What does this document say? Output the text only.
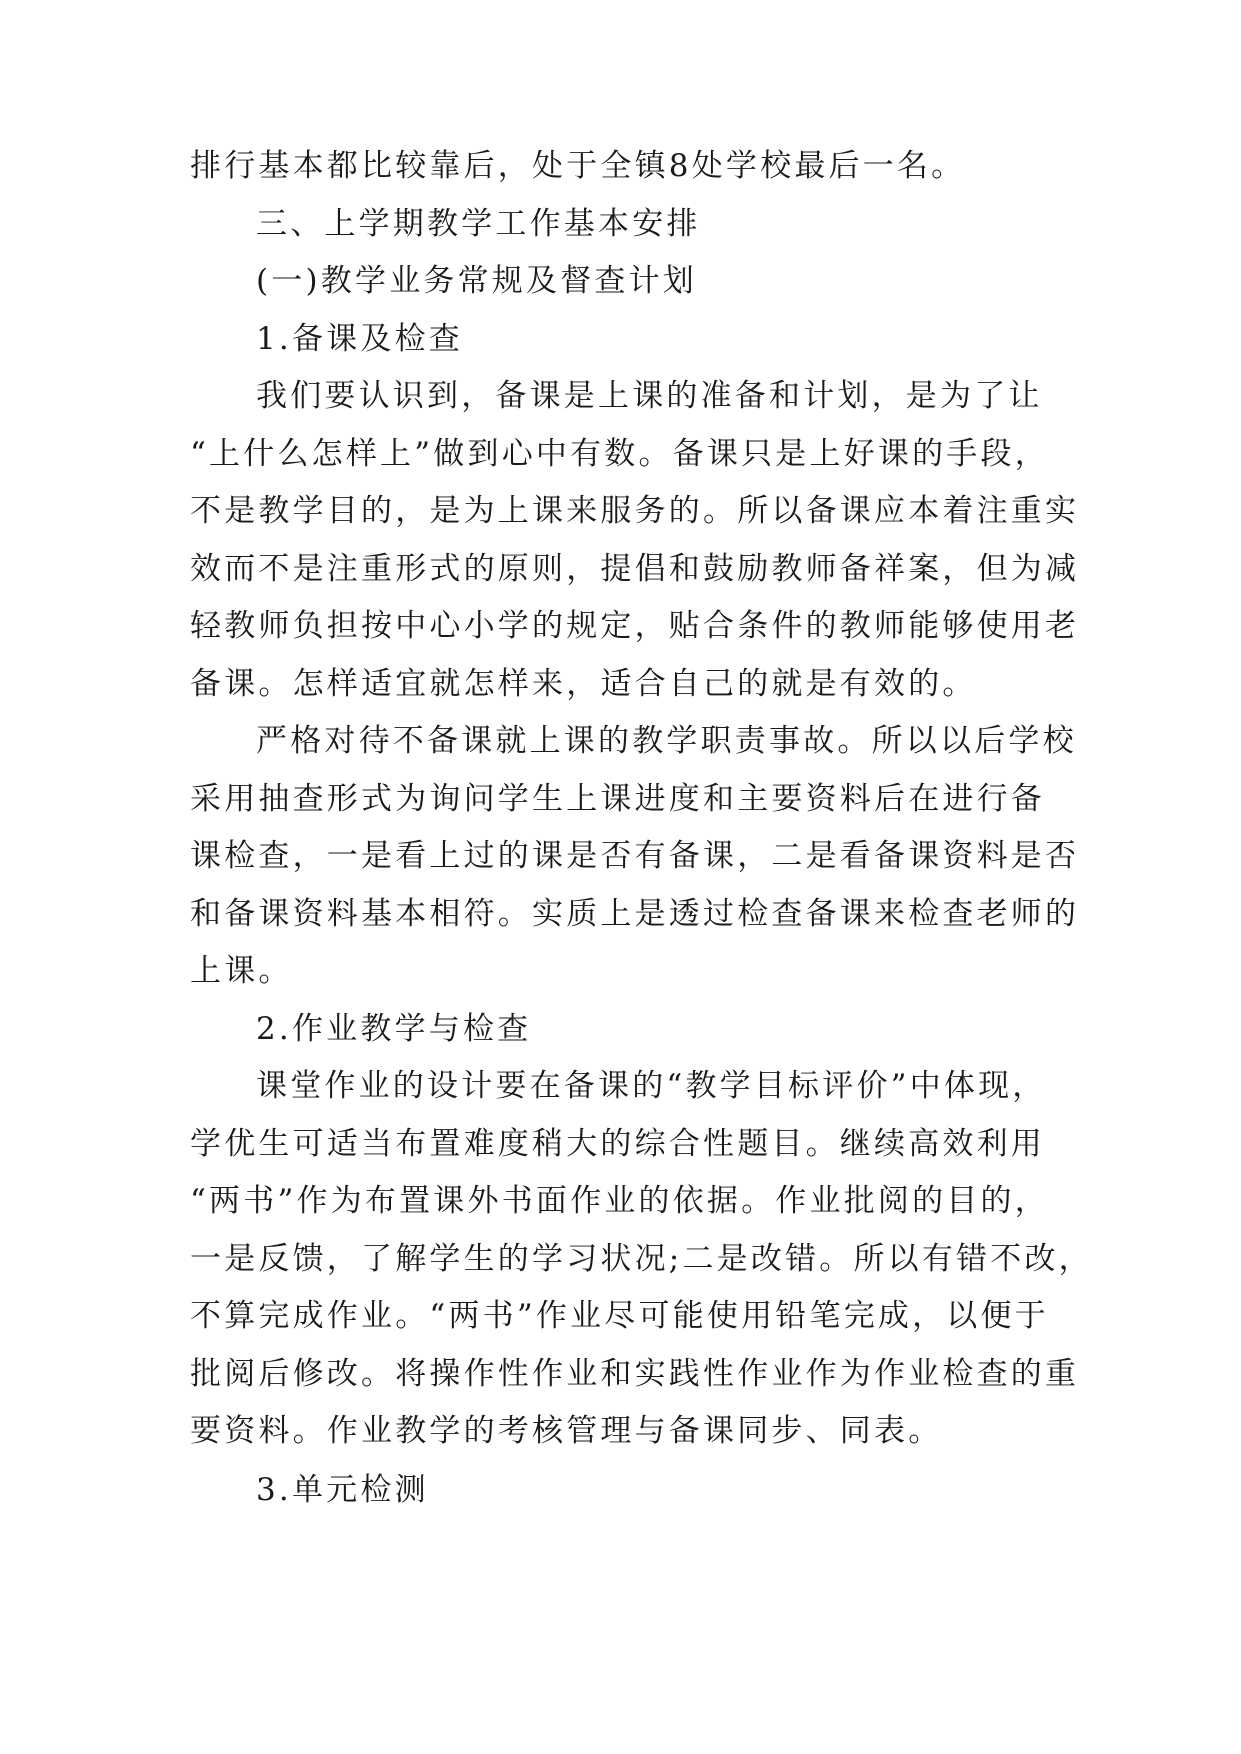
排行基本都比较靠后，处于全镇8处学校最后一名。
三、上学期教学工作基本安排
(一)教学业务常规及督查计划
1.备课及检查
我们要认识到，备课是上课的准备和计划，是为了让
“上什么怎样上”做到心中有数。备课只是上好课的手段，
不是教学目的，是为上课来服务的。所以备课应本着注重实
效而不是注重形式的原则，提倡和鼓励教师备祥案，但为减
轻教师负担按中心小学的规定，贴合条件的教师能够使用老
备课。怎样适宜就怎样来，适合自己的就是有效的。
严格对待不备课就上课的教学职责事故。所以以后学校
采用抽查形式为询问学生上课进度和主要资料后在进行备
课检查，一是看上过的课是否有备课，二是看备课资料是否
和备课资料基本相符。实质上是透过检查备课来检查老师的
上课。
2.作业教学与检查
课堂作业的设计要在备课的“教学目标评价”中体现，
学优生可适当布置难度稍大的综合性题目。继续高效利用
“两书”作为布置课外书面作业的依据。作业批阅的目的，
一是反馈，了解学生的学习状况;二是改错。所以有错不改，
不算完成作业。“两书”作业尽可能使用铅笔完成，以便于
批阅后修改。将操作性作业和实践性作业作为作业检查的重
要资料。作业教学的考核管理与备课同步、同表。
3.单元检测
